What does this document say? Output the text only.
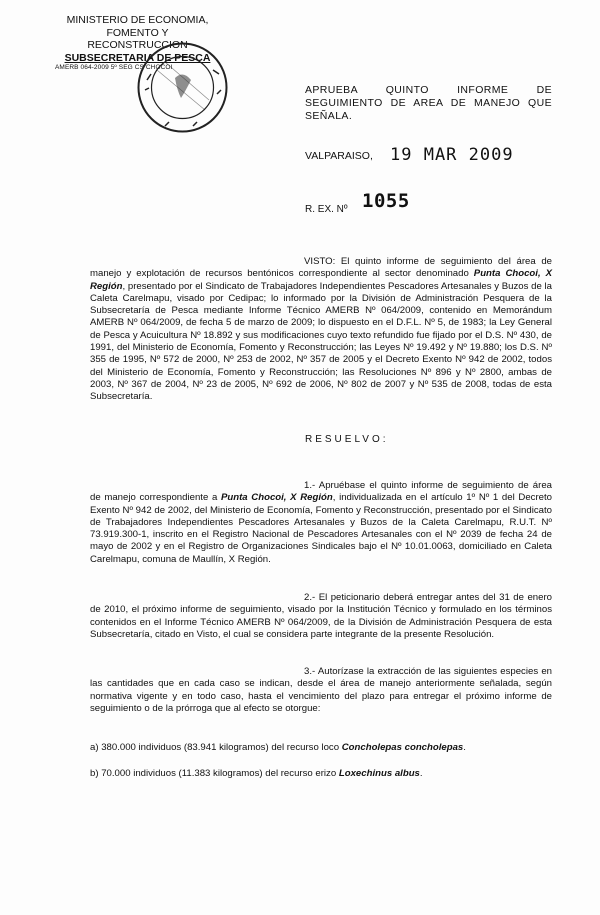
MINISTERIO DE ECONOMIA,
FOMENTO Y RECONSTRUCCION
SUBSECRETARIA DE PESCA
AMERB 064-2009 5º SEG CS CHOCOI
APRUEBA QUINTO INFORME DE SEGUIMIENTO DE AREA DE MANEJO QUE SEÑALA.
VALPARAISO, 19 MAR 2009
R. EX. Nº 1055
VISTO: El quinto informe de seguimiento del área de manejo y explotación de recursos bentónicos correspondiente al sector denominado Punta Chocoi, X Región, presentado por el Sindicato de Trabajadores Independientes Pescadores Artesanales y Buzos de la Caleta Carelmapu, visado por Cedipac; lo informado por la División de Administración Pesquera de la Subsecretaría de Pesca mediante Informe Técnico AMERB Nº 064/2009, contenido en Memorándum AMERB Nº 064/2009, de fecha 5 de marzo de 2009; lo dispuesto en el D.F.L. Nº 5, de 1983; la Ley General de Pesca y Acuicultura Nº 18.892 y sus modificaciones cuyo texto refundido fue fijado por el D.S. Nº 430, de 1991, del Ministerio de Economía, Fomento y Reconstrucción; las Leyes Nº 19.492 y Nº 19.880; los D.S. Nº 355 de 1995, Nº 572 de 2000, Nº 253 de 2002, Nº 357 de 2005 y el Decreto Exento Nº 942 de 2002, todos del Ministerio de Economía, Fomento y Reconstrucción; las Resoluciones Nº 896 y Nº 2800, ambas de 2003, Nº 367 de 2004, Nº 23 de 2005, Nº 692 de 2006, Nº 802 de 2007 y Nº 535 de 2008, todas de esta Subsecretaría.
RESUELVO:
1.- Apruébase el quinto informe de seguimiento de área de manejo correspondiente a Punta Chocoi, X Región, individualizada en el artículo 1º Nº 1 del Decreto Exento Nº 942 de 2002, del Ministerio de Economía, Fomento y Reconstrucción, presentado por el Sindicato de Trabajadores Independientes Pescadores Artesanales y Buzos de la Caleta Carelmapu, R.U.T. Nº 73.919.300-1, inscrito en el Registro Nacional de Pescadores Artesanales con el Nº 2039 de fecha 24 de mayo de 2002 y en el Registro de Organizaciones Sindicales bajo el Nº 10.01.0063, domiciliado en Caleta Carelmapu, comuna de Maullín, X Región.
2.- El peticionario deberá entregar antes del 31 de enero de 2010, el próximo informe de seguimiento, visado por la Institución Técnico y formulado en los términos contenidos en el Informe Técnico AMERB Nº 064/2009, de la División de Administración Pesquera de esta Subsecretaría, citado en Visto, el cual se considera parte integrante de la presente Resolución.
3.- Autorízase la extracción de las siguientes especies en las cantidades que en cada caso se indican, desde el área de manejo anteriormente señalada, según normativa vigente y en todo caso, hasta el vencimiento del plazo para entregar el próximo informe de seguimiento o de la prórroga que al efecto se otorgue:
a) 380.000 individuos (83.941 kilogramos) del recurso loco Concholepas concholepas.
b) 70.000 individuos (11.383 kilogramos) del recurso erizo Loxechinus albus.
